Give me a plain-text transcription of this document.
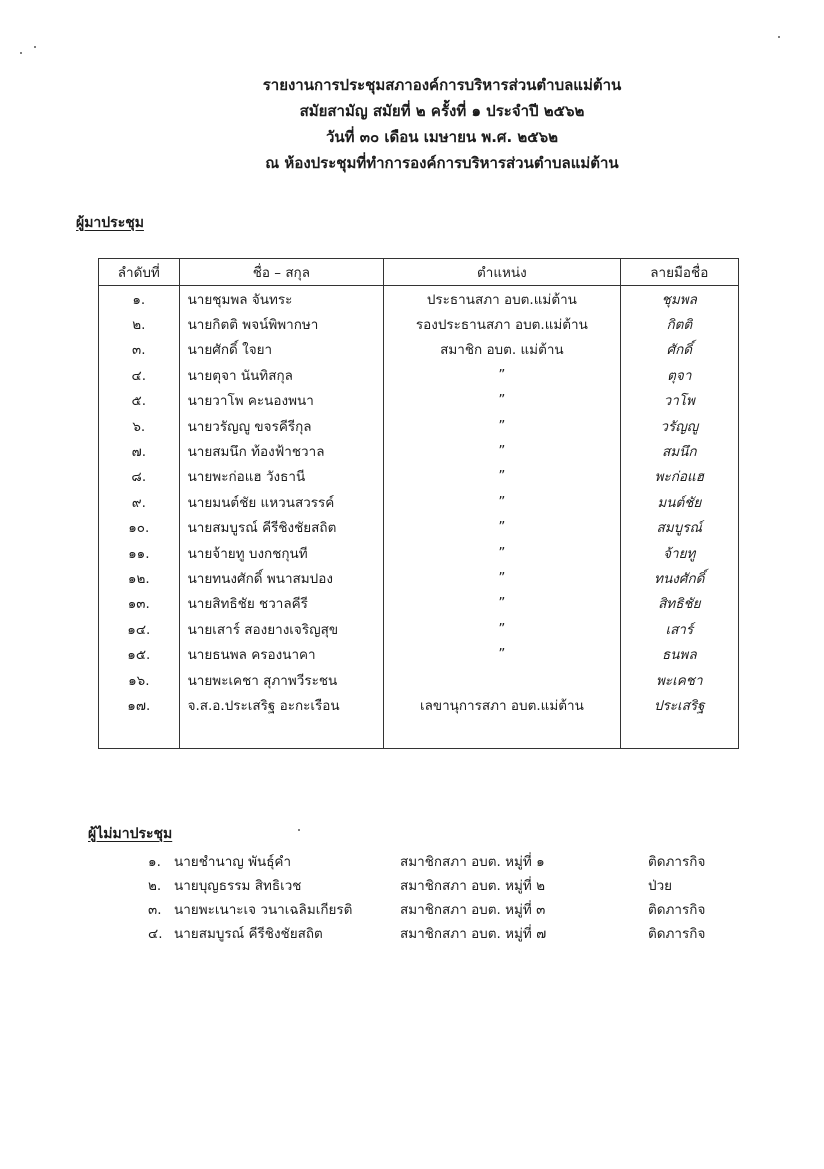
รายงานการประชุมสภาองค์การบริหารส่วนตำบลแม่ต้าน
สมัยสามัญ สมัยที่ ๒ ครั้งที่ ๑ ประจำปี ๒๕๖๒
วันที่ ๓๐ เดือน เมษายน พ.ศ. ๒๕๖๒
ณ ห้องประชุมที่ทำการองค์การบริหารส่วนตำบลแม่ต้าน
ผู้มาประชุม
ลำดับที่	ชื่อ – สกุล	ตำแหน่ง	ลายมือชื่อ
๑.	นายชุมพล จันทระ	ประธานสภา อบต.แม่ต้าน	ชุมพล
๒.	นายกิตติ พจน์พิพากษา	รองประธานสภา อบต.แม่ต้าน	กิตติ
๓.	นายศักดิ์ ใจยา	สมาชิก อบต. แม่ต้าน	ศักดิ์
๔.	นายตุจา นันทิสกุล	”	ตุจา
๕.	นายวาโพ คะนองพนา	”	วาโพ
๖.	นายวรัญญู ขจรคีรีกุล	”	วรัญญู
๗.	นายสมนึก ท้องฟ้าชวาล	”	สมนึก
๘.	นายพะก่อแฮ วังธานี	”	พะก่อแฮ
๙.	นายมนต์ชัย แหวนสวรรค์	”	มนต์ชัย
๑๐.	นายสมบูรณ์ คีรีชิงชัยสถิต	”	สมบูรณ์
๑๑.	นายจ้ายทู บงกชกุนที	”	จ้ายทู
๑๒.	นายทนงศักดิ์ พนาสมปอง	”	ทนงศักดิ์
๑๓.	นายสิทธิชัย ชวาลคีรี	”	สิทธิชัย
๑๔.	นายเสาร์ สองยางเจริญสุข	”	เสาร์
๑๕.	นายธนพล ครองนาคา	”	ธนพล
๑๖.	นายพะเคชา สุภาพวีระชน		พะเคชา
๑๗.	จ.ส.อ.ประเสริฐ อะกะเรือน	เลขานุการสภา อบต.แม่ต้าน	ประเสริฐ

ผู้ไม่มาประชุม
๑. นายชำนาญ พันธุ์คำ	สมาชิกสภา อบต. หมู่ที่ ๑	ติดภารกิจ
๒. นายบุญธรรม สิทธิเวช	สมาชิกสภา อบต. หมู่ที่ ๒	ป่วย
๓. นายพะเนาะเจ วนาเฉลิมเกียรติ	สมาชิกสภา อบต. หมู่ที่ ๓	ติดภารกิจ
๔. นายสมบูรณ์ คีรีชิงชัยสถิต	สมาชิกสภา อบต. หมู่ที่ ๗	ติดภารกิจ
